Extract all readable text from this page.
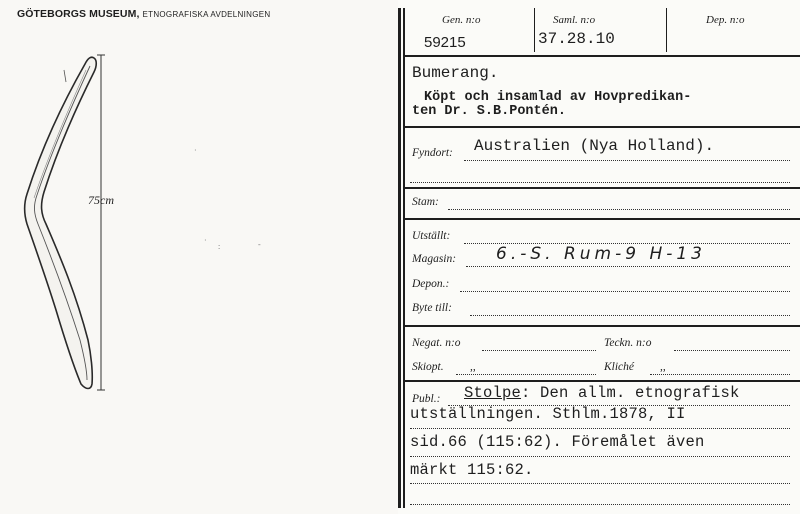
GÖTEBORGS MUSEUM, ETNOGRAFISKA AVDELNINGEN
75cm
·
·	-
:
Gen. n:o
59215
Saml. n:o
37.28.10
Dep. n:o
Bumerang.
Köpt och insamlad av Hovpredikan-
ten Dr. S.B.Pontén.
Fyndort: Australien (Nya Holland).
Stam:
Utställt:
Magasin: 6.-S. Rum-9 H-13
Depon.:
Byte till:
Negat. n:o	Teckn. n:o
Skiopt. ,,	Kliché ,,
Publ.: Stolpe: Den allm. etnografisk
utställningen. Sthlm.1878, II
sid.66 (115:62). Föremålet även
märkt 115:62.
